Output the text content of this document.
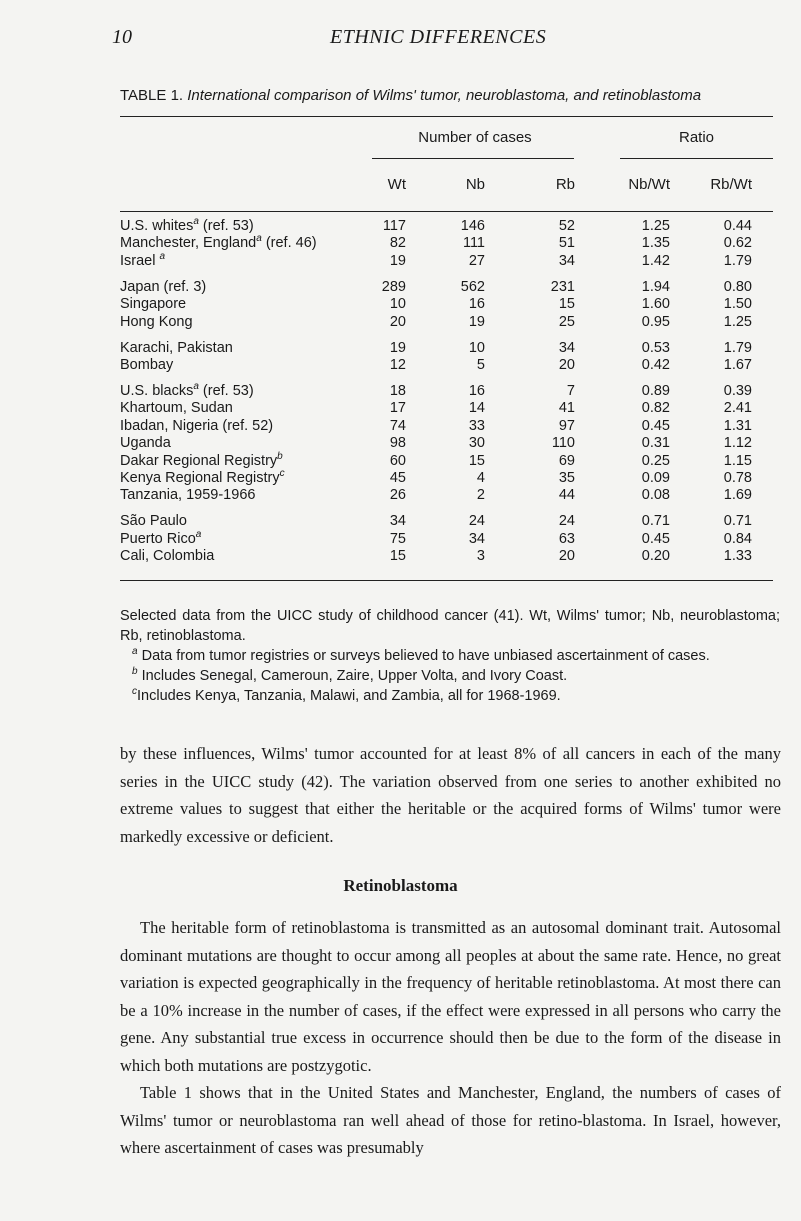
10	ETHNIC DIFFERENCES
TABLE 1. International comparison of Wilms' tumor, neuroblastoma, and retinoblastoma
Number of cases	Ratio
Wt	Nb	Rb	Nb/Wt	Rb/Wt
U.S. whites$^a$ (ref. 53)	117	146	52	1.25	0.44
Manchester, England$^a$ (ref. 46)	82	111	51	1.35	0.62
Israel $^a$	19	27	34	1.42	1.79
Japan (ref. 3)	289	562	231	1.94	0.80
Singapore	10	16	15	1.60	1.50
Hong Kong	20	19	25	0.95	1.25
Karachi, Pakistan	19	10	34	0.53	1.79
Bombay	12	5	20	0.42	1.67
U.S. blacks$^a$ (ref. 53)	18	16	7	0.89	0.39
Khartoum, Sudan	17	14	41	0.82	2.41
Ibadan, Nigeria (ref. 52)	74	33	97	0.45	1.31
Uganda	98	30	110	0.31	1.12
Dakar Regional Registry$^b$	60	15	69	0.25	1.15
Kenya Regional Registry$^c$	45	4	35	0.09	0.78
Tanzania, 1959-1966	26	2	44	0.08	1.69
São Paulo	34	24	24	0.71	0.71
Puerto Rico$^a$	75	34	63	0.45	0.84
Cali, Colombia	15	3	20	0.20	1.33

Selected data from the UICC study of childhood cancer (41). Wt, Wilms' tumor; Nb, neuroblastoma; Rb, retinoblastoma.

$^a$ Data from tumor registries or surveys believed to have unbiased ascertainment of cases.

$^b$ Includes Senegal, Cameroun, Zaire, Upper Volta, and Ivory Coast.

$^c$Includes Kenya, Tanzania, Malawi, and Zambia, all for 1968-1969.

by these influences, Wilms' tumor accounted for at least 8% of all cancers in each of the many series in the UICC study (42). The variation observed from one series to another exhibited no extreme values to suggest that either the heritable or the acquired forms of Wilms' tumor were markedly excessive or deficient.

Retinoblastoma

The heritable form of retinoblastoma is transmitted as an autosomal dominant trait. Autosomal dominant mutations are thought to occur among all peoples at about the same rate. Hence, no great variation is expected geographically in the frequency of heritable retinoblastoma. At most there can be a 10% increase in the number of cases, if the effect were expressed in all persons who carry the gene. Any substantial true excess in occurrence should then be due to the form of the disease in which both mutations are postzygotic.

Table 1 shows that in the United States and Manchester, England, the numbers of cases of Wilms' tumor or neuroblastoma ran well ahead of those for retino-blastoma. In Israel, however, where ascertainment of cases was presumably
